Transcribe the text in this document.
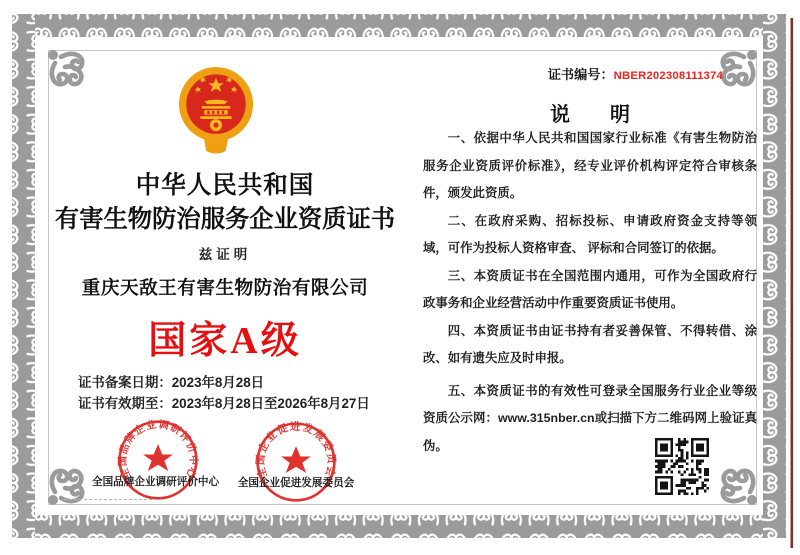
中华人民共和国
有害生物防治服务企业资质证书
兹证明
重庆天敌王有害生物防治有限公司
国家A级
证书备案日期：2023年8月28日
证书有效期至：2023年8月28日至2026年8月27日
全国品牌企业调研评价中心	全国企业促进发展委员会
全国品牌企业调研评价中心 全国企业促进发展委员会
证书编号：NBER202308111374
说　　明

一、依据中华人民共和国国家行业标准《有害生物防治服务企业资质评价标准》，经专业评价机构评定符合审核条件，颁发此资质。

二、在政府采购、招标投标、申请政府资金支持等领域，可作为投标人资格审查、 评标和合同签订的依据。

三、本资质证书在全国范围内通用，可作为全国政府行政事务和企业经营活动中作重要资质证书使用。

四、本资质证书由证书持有者妥善保管、不得转借、涂改、如有遗失应及时申报。

五、本资质证书的有效性可登录全国服务行业企业等级资质公示网：www.315nber.cn或扫描下方二维码网上验证真伪。
